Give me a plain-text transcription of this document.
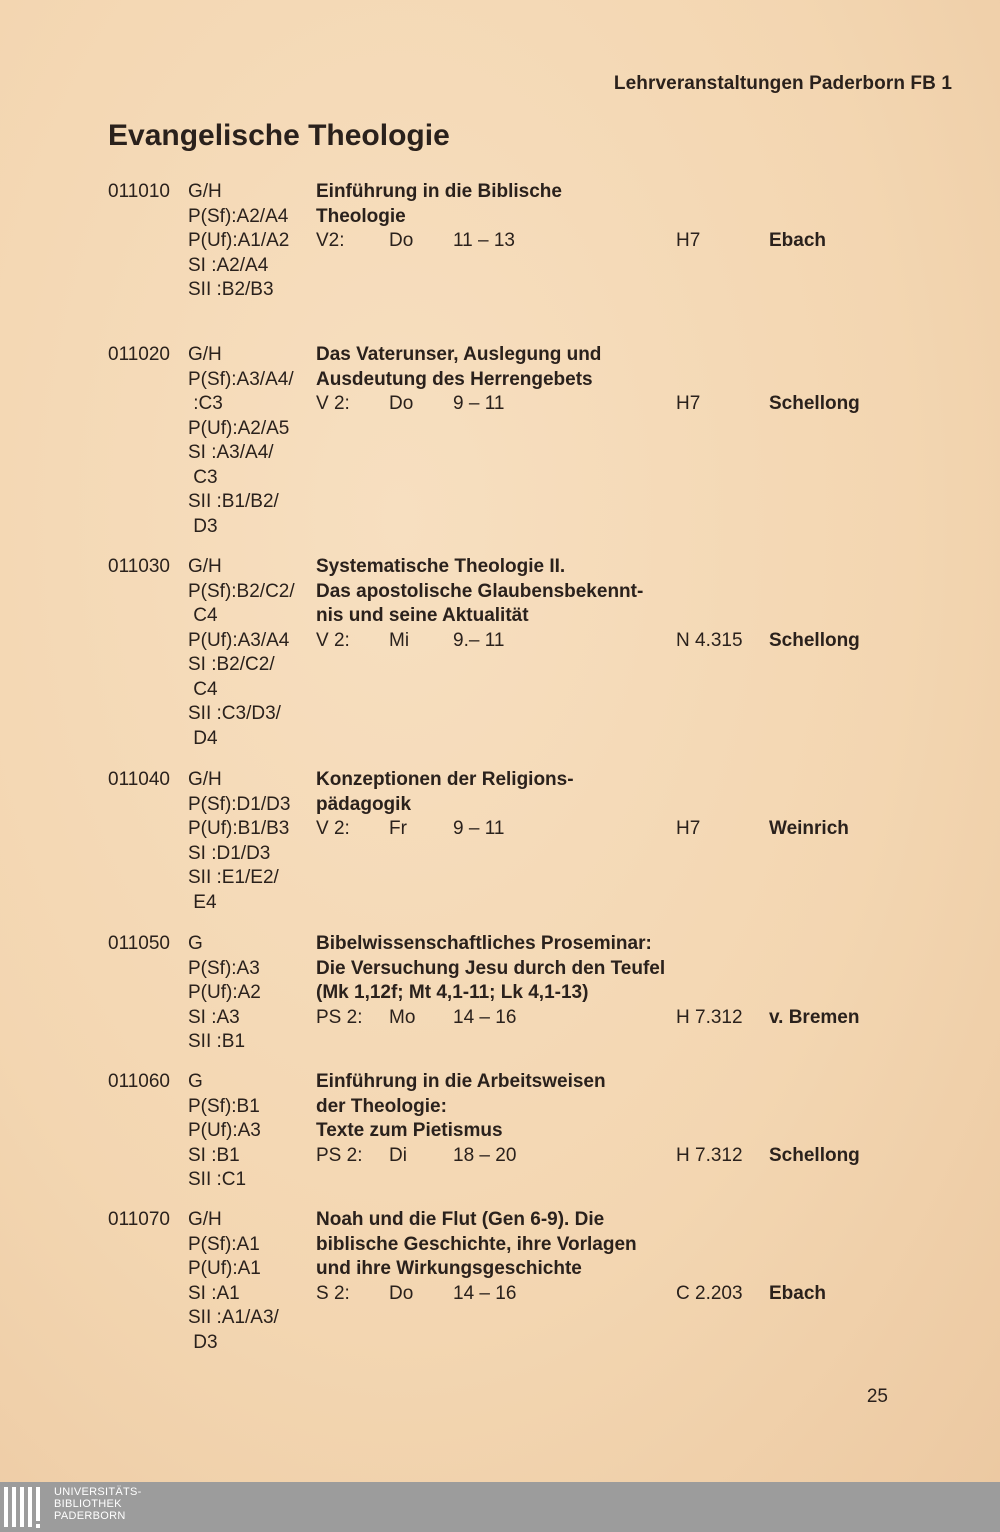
Lehrveranstaltungen Paderborn FB 1
Evangelische Theologie
011010 G/H
P(Sf):A2/A4
P(Uf):A1/A2
SI :A2/A4
SII :B2/B3
Einführung in die Biblische
Theologie
V2: Do 11 – 13	H7	Ebach
011020 G/H
P(Sf):A3/A4/
:C3
P(Uf):A2/A5
SI :A3/A4/
C3
SII :B1/B2/
D3
Das Vaterunser, Auslegung und
Ausdeutung des Herrengebets
V 2: Do 9 – 11	H7	Schellong
011030 G/H
P(Sf):B2/C2/
C4
P(Uf):A3/A4
SI :B2/C2/
C4
SII :C3/D3/
D4
Systematische Theologie II.
Das apostolische Glaubensbekennt-
nis und seine Aktualität
V 2: Mi 9.– 11	N 4.315 Schellong
011040 G/H
P(Sf):D1/D3
P(Uf):B1/B3
SI :D1/D3
SII :E1/E2/
E4
Konzeptionen der Religions-
pädagogik
V 2: Fr 9 – 11	H7	Weinrich
011050 G
P(Sf):A3
P(Uf):A2
SI :A3
SII :B1
Bibelwissenschaftliches Proseminar:
Die Versuchung Jesu durch den Teufel
(Mk 1,12f; Mt 4,1-11; Lk 4,1-13)
PS 2: Mo 14 – 16	H 7.312 v. Bremen
011060 G
P(Sf):B1
P(Uf):A3
SI :B1
SII :C1
Einführung in die Arbeitsweisen
der Theologie:
Texte zum Pietismus
PS 2: Di 18 – 20	H 7.312 Schellong
011070 G/H
P(Sf):A1
P(Uf):A1
SI :A1
SII :A1/A3/
D3
Noah und die Flut (Gen 6-9). Die
biblische Geschichte, ihre Vorlagen
und ihre Wirkungsgeschichte
S 2: Do 14 – 16	C 2.203 Ebach
25
UNIVERSITÄTS-
BIBLIOTHEK
PADERBORN
